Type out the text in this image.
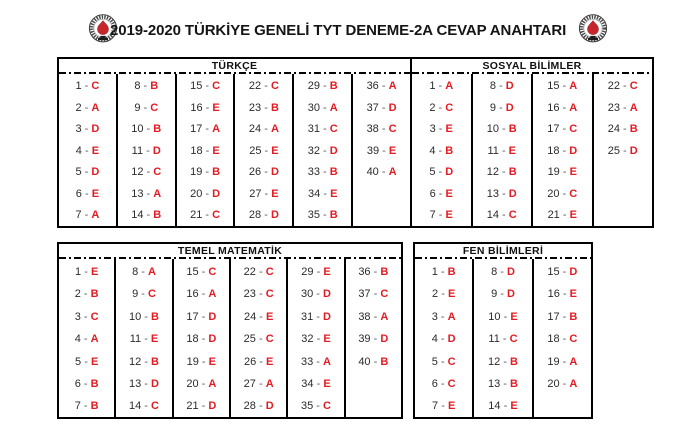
2019-2020 TÜRKİYE GENELİ TYT DENEME-2A CEVAP ANAHTARI
TÜRKÇE
1 - C
2 - A
3 - D
4 - E
5 - D
6 - E
7 - A
8 - B
9 - C
10 - B
11 - D
12 - C
13 - A
14 - B
15 - C
16 - E
17 - A
18 - E
19 - B
20 - D
21 - C
22 - C
23 - B
24 - A
25 - E
26 - D
27 - E
28 - D
29 - B
30 - A
31 - C
32 - D
33 - B
34 - E
35 - B
36 - A
37 - D
38 - C
39 - E
40 - A
SOSYAL BİLİMLER
1 - A
2 - C
3 - E
4 - B
5 - D
6 - E
7 - E
8 - D
9 - D
10 - B
11 - E
12 - B
13 - D
14 - C
15 - A
16 - A
17 - C
18 - D
19 - E
20 - C
21 - E
22 - C
23 - A
24 - B
25 - D
TEMEL MATEMATİK
1 - E
2 - B
3 - C
4 - A
5 - E
6 - B
7 - B
8 - A
9 - C
10 - B
11 - E
12 - B
13 - D
14 - C
15 - C
16 - A
17 - D
18 - D
19 - E
20 - A
21 - D
22 - C
23 - C
24 - E
25 - C
26 - E
27 - A
28 - D
29 - E
30 - D
31 - D
32 - E
33 - A
34 - E
35 - C
36 - B
37 - C
38 - A
39 - D
40 - B
FEN BİLİMLERİ
1 - B
2 - E
3 - A
4 - D
5 - C
6 - C
7 - E
8 - D
9 - D
10 - E
11 - C
12 - B
13 - B
14 - E
15 - D
16 - E
17 - B
18 - C
19 - A
20 - A
